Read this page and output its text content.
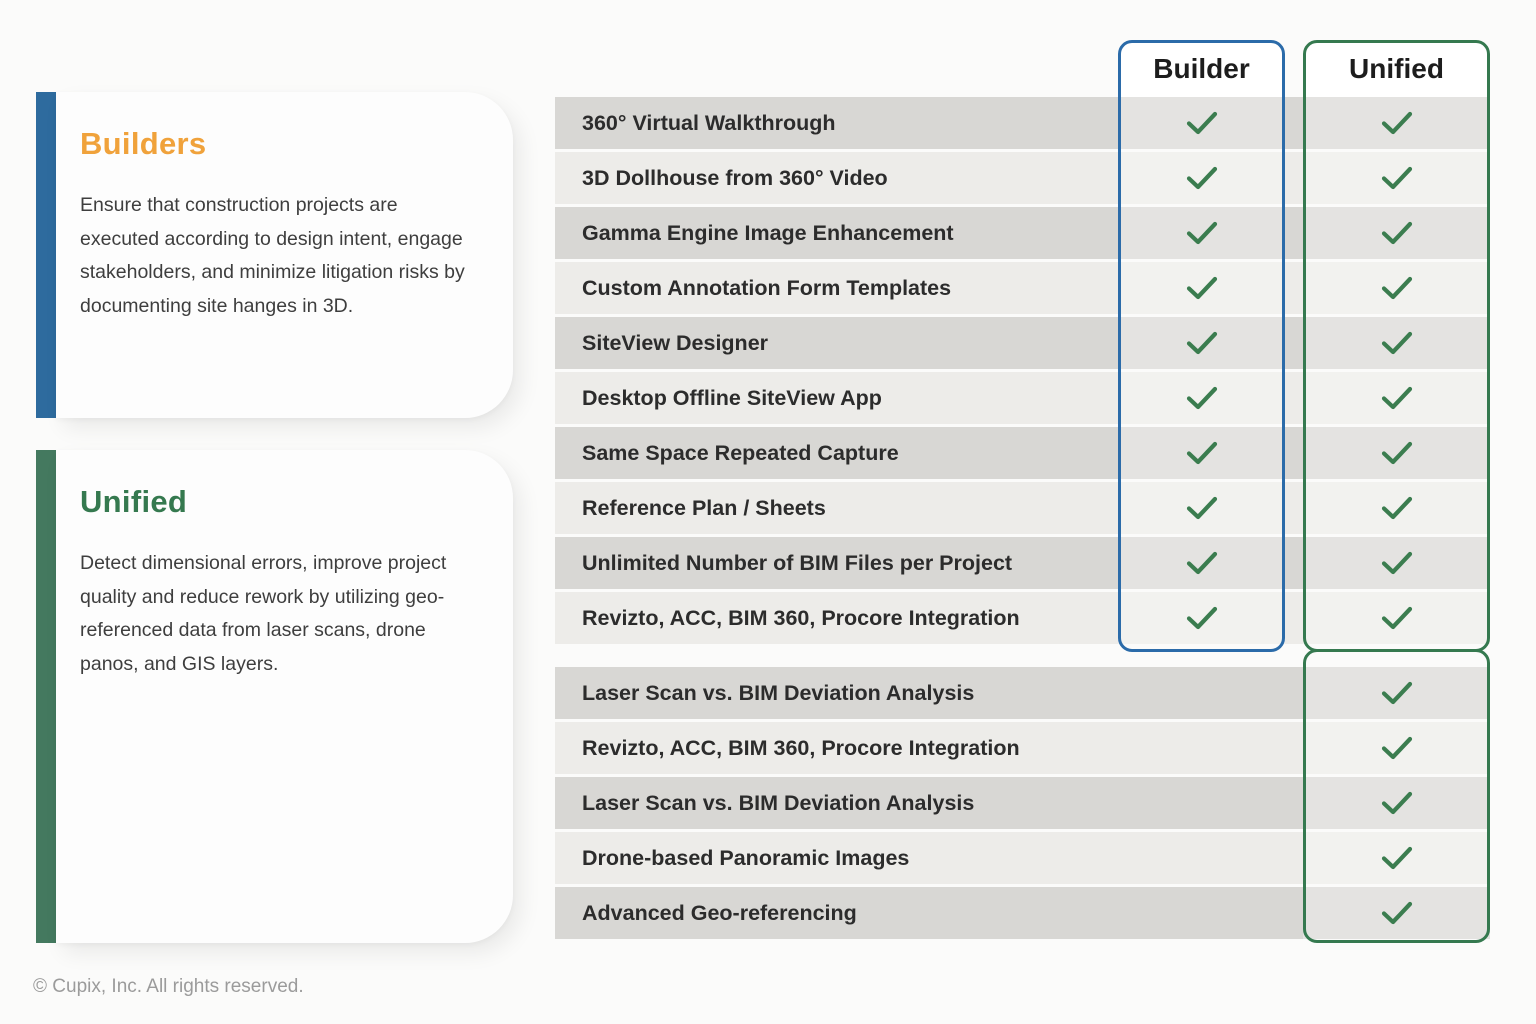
Builders

Ensure that construction projects are executed according to design intent, engage stakeholders, and minimize litigation risks by documenting site hanges in 3D.

Unified

Detect dimensional errors, improve project quality and reduce rework by utilizing geo-referenced data from laser scans, drone panos, and GIS layers.

Builder	Unified
360° Virtual Walkthrough
3D Dollhouse from 360° Video
Gamma Engine Image Enhancement
Custom Annotation Form Templates
SiteView Designer
Desktop Offline SiteView App
Same Space Repeated Capture
Reference Plan / Sheets
Unlimited Number of BIM Files per Project
Revizto, ACC, BIM 360, Procore Integration
Laser Scan vs. BIM Deviation Analysis
Revizto, ACC, BIM 360, Procore Integration
Laser Scan vs. BIM Deviation Analysis
Drone-based Panoramic Images
Advanced Geo-referencing
© Cupix, Inc. All rights reserved.
